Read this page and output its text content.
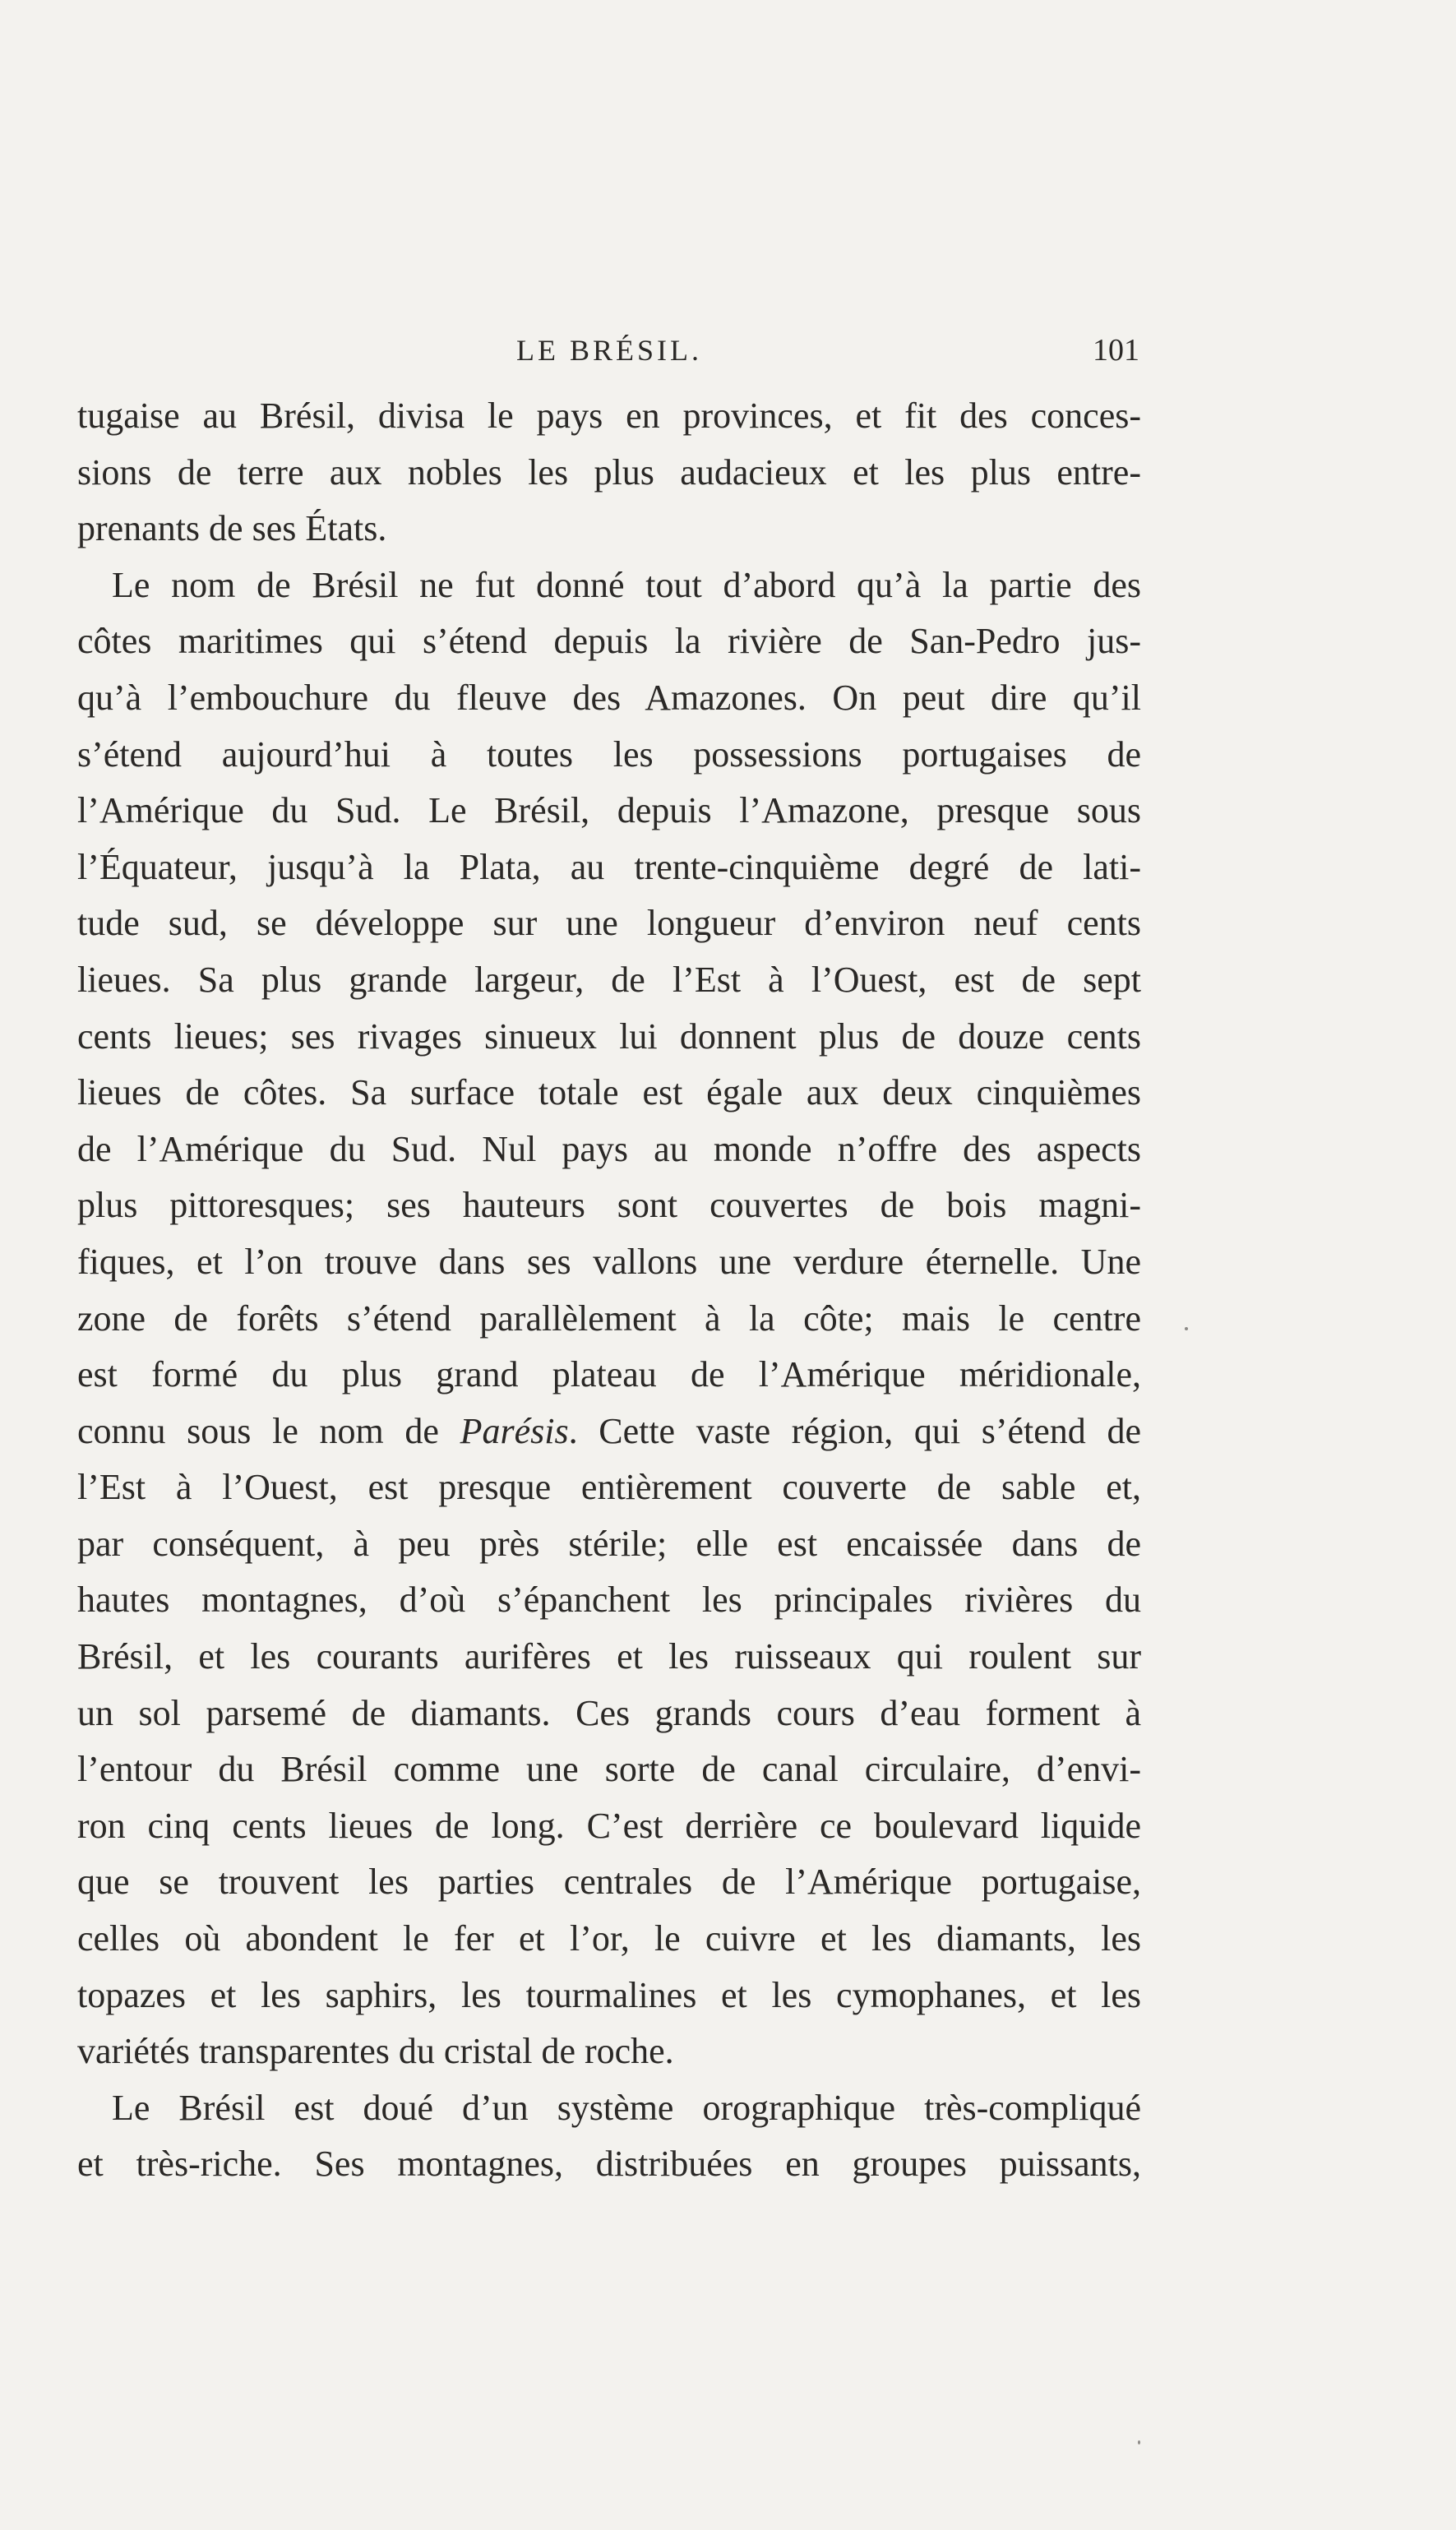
LE BRÉSIL.	101
tugaise au Brésil, divisa le pays en provinces, et fit des conces-
sions de terre aux nobles les plus audacieux et les plus entre-
prenants de ses États.
Le nom de Brésil ne fut donné tout d’abord qu’à la partie des
côtes maritimes qui s’étend depuis la rivière de San-Pedro jus-
qu’à l’embouchure du fleuve des Amazones. On peut dire qu’il
s’étend aujourd’hui à toutes les possessions portugaises de
l’Amérique du Sud. Le Brésil, depuis l’Amazone, presque sous
l’Équateur, jusqu’à la Plata, au trente-cinquième degré de lati-
tude sud, se développe sur une longueur d’environ neuf cents
lieues. Sa plus grande largeur, de l’Est à l’Ouest, est de sept
cents lieues; ses rivages sinueux lui donnent plus de douze cents
lieues de côtes. Sa surface totale est égale aux deux cinquièmes
de l’Amérique du Sud. Nul pays au monde n’offre des aspects
plus pittoresques; ses hauteurs sont couvertes de bois magni-
fiques, et l’on trouve dans ses vallons une verdure éternelle. Une
zone de forêts s’étend parallèlement à la côte; mais le centre
est formé du plus grand plateau de l’Amérique méridionale,
connu sous le nom de Parésis. Cette vaste région, qui s’étend de
l’Est à l’Ouest, est presque entièrement couverte de sable et,
par conséquent, à peu près stérile; elle est encaissée dans de
hautes montagnes, d’où s’épanchent les principales rivières du
Brésil, et les courants aurifères et les ruisseaux qui roulent sur
un sol parsemé de diamants. Ces grands cours d’eau forment à
l’entour du Brésil comme une sorte de canal circulaire, d’envi-
ron cinq cents lieues de long. C’est derrière ce boulevard liquide
que se trouvent les parties centrales de l’Amérique portugaise,
celles où abondent le fer et l’or, le cuivre et les diamants, les
topazes et les saphirs, les tourmalines et les cymophanes, et les
variétés transparentes du cristal de roche.
Le Brésil est doué d’un système orographique très-compliqué
et très-riche. Ses montagnes, distribuées en groupes puissants,
